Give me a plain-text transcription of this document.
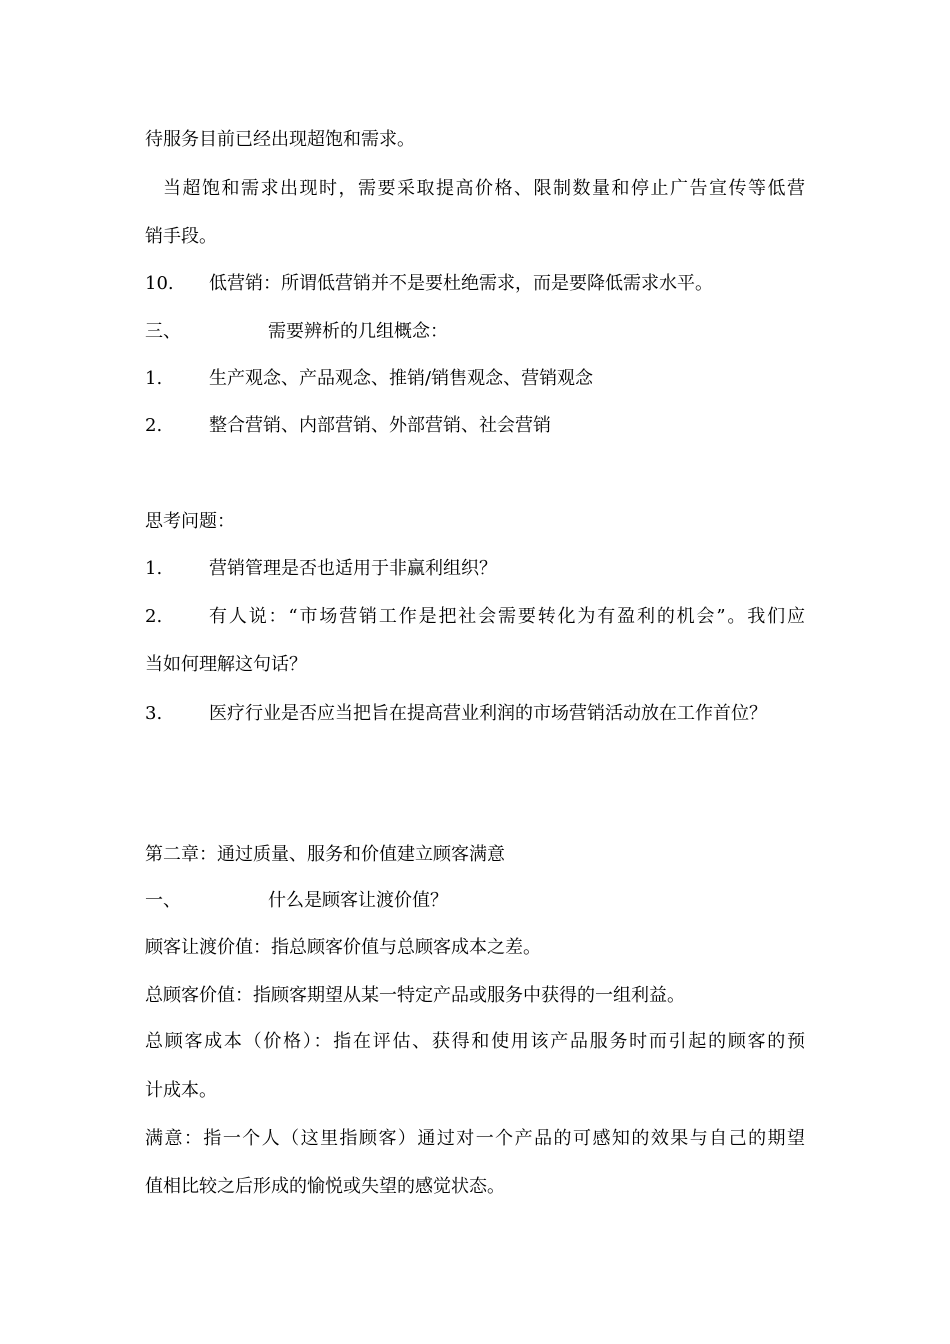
待服务目前已经出现超饱和需求。
当超饱和需求出现时，需要采取提高价格、限制数量和停止广告宣传等低营
销手段。
10. 低营销：所谓低营销并不是要杜绝需求，而是要降低需求水平。
三、	需要辨析的几组概念：
1.	生产观念、产品观念、推销/销售观念、营销观念
2.	整合营销、内部营销、外部营销、社会营销
思考问题：
1.	营销管理是否也适用于非赢利组织？
2.	有人说：“市场营销工作是把社会需要转化为有盈利的机会”。我们应
当如何理解这句话？
3.	医疗行业是否应当把旨在提高营业利润的市场营销活动放在工作首位？
第二章：通过质量、服务和价值建立顾客满意
一、	什么是顾客让渡价值？
顾客让渡价值：指总顾客价值与总顾客成本之差。
总顾客价值：指顾客期望从某一特定产品或服务中获得的一组利益。
总顾客成本（价格）：指在评估、获得和使用该产品服务时而引起的顾客的预
计成本。
满意：指一个人（这里指顾客）通过对一个产品的可感知的效果与自己的期望
值相比较之后形成的愉悦或失望的感觉状态。
